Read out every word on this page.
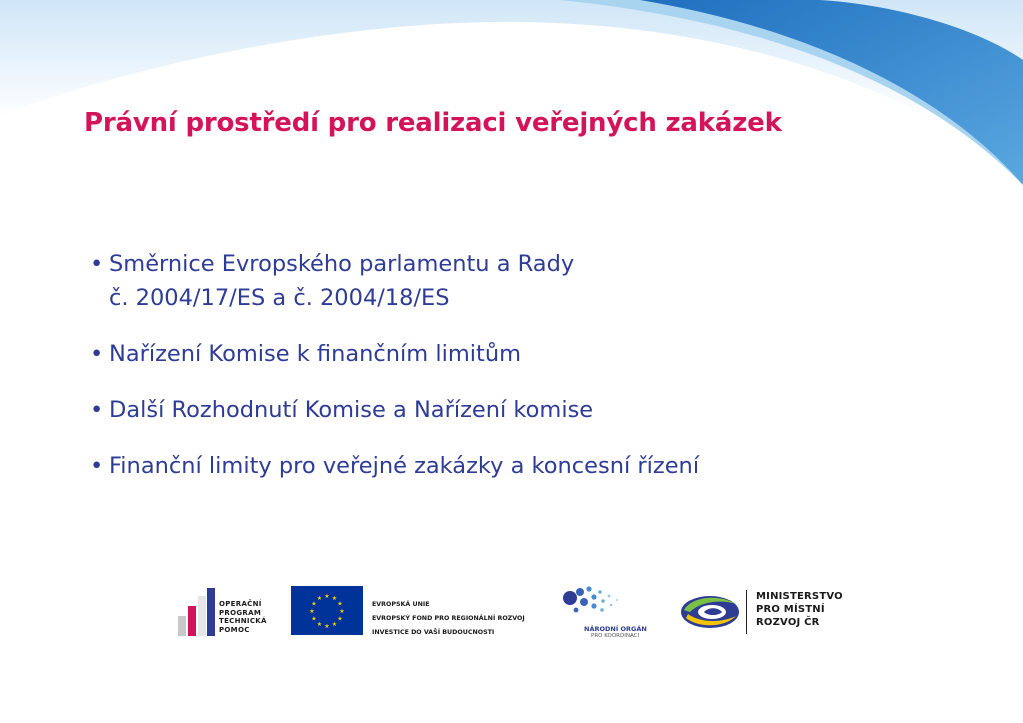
Právní prostředí pro realizaci veřejných zakázek
• Směrnice Evropského parlamentu a Rady
č. 2004/17/ES a č. 2004/18/ES
• Nařízení Komise k finančním limitům
• Další Rozhodnutí Komise a Nařízení komise
• Finanční limity pro veřejné zakázky a koncesní řízení
OPERAČNÍ
PROGRAM
TECHNICKÁ
POMOC
★ ★
★
★
★
★
★
★
★
★
★
★
EVROPSKÁ UNIE
EVROPSKÝ FOND PRO REGIONÁLNÍ ROZVOJ
INVESTICE DO VAŠÍ BUDOUCNOSTI	NÁRODNÍ ORGÁN
PRO KOORDINACI
MINISTERSTVO
PRO MÍSTNÍ
ROZVOJ ČR
